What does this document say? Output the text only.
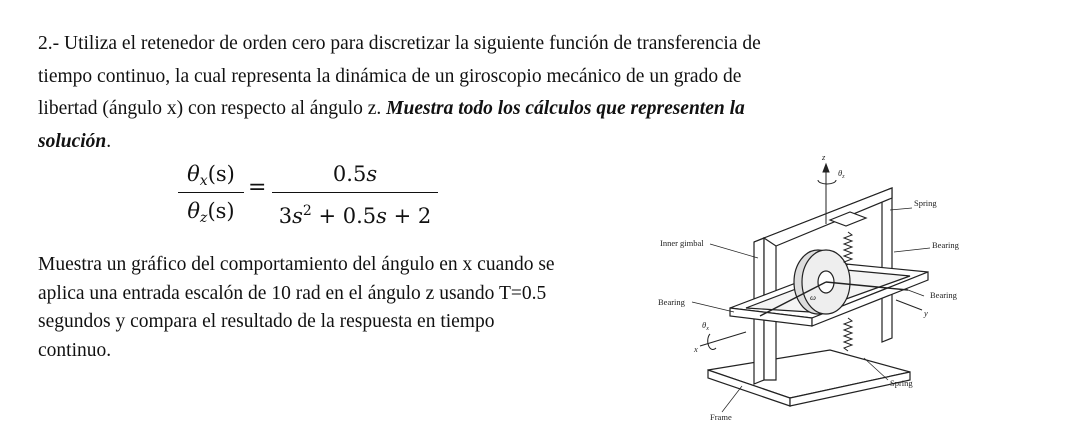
2.- Utiliza el retenedor de orden cero para discretizar la siguiente función de transferencia de
tiempo continuo, la cual representa la dinámica de un giroscopio mecánico de un grado de
libertad (ángulo x) con respecto al ángulo z. Muestra todo los cálculos que representen la
solución.
$\theta_x(s)$
$\theta_z(s)$
=
0.5s
$3s^2 + 0.5s + 2$
Muestra un gráfico del comportamiento del ángulo en x cuando se
aplica una entrada escalón de 10 rad en el ángulo z usando T=0.5
segundos y compara el resultado de la respuesta en tiempo
continuo.
Spring
Bearing
Inner gimbal
Bearing
Bearing
Spring
Frame
z
x
y
$\theta_z$
$\theta_x$
ω
